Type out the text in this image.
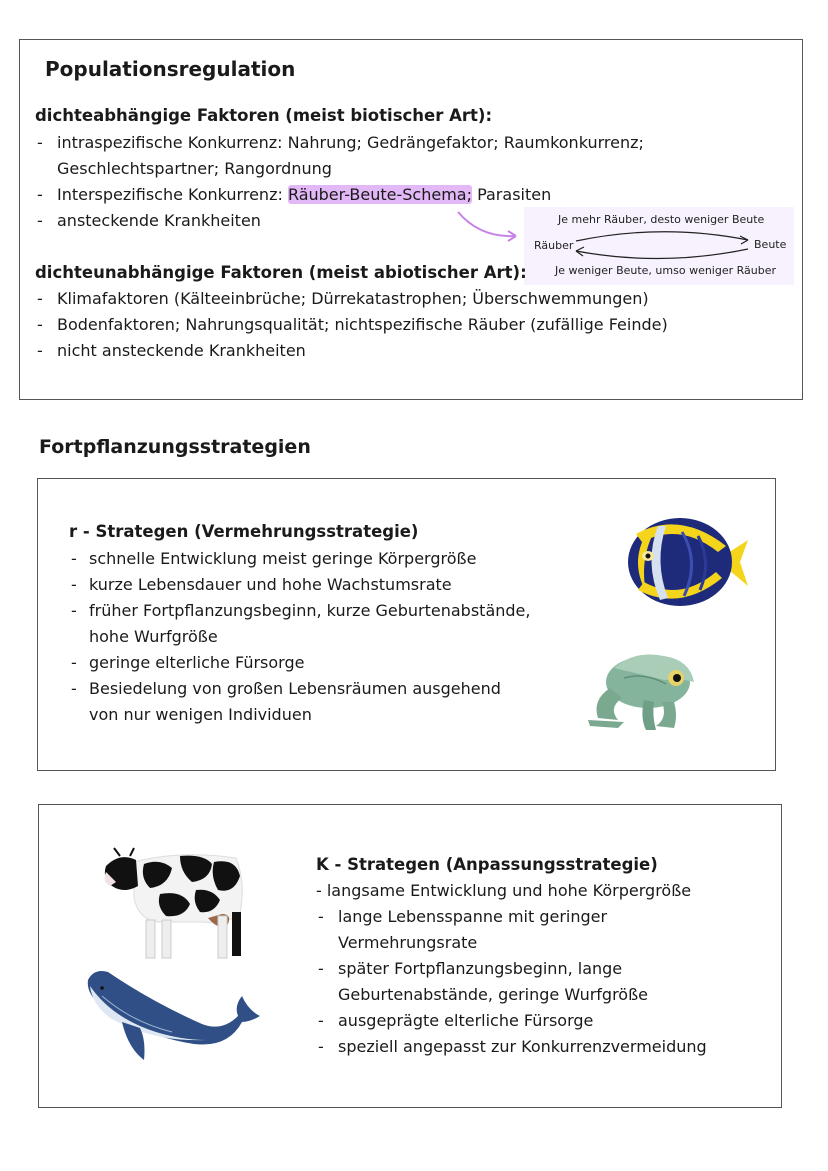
Populationsregulation
dichteabhängige Faktoren (meist biotischer Art):
- intraspezifische Konkurrenz: Nahrung; Gedrängefaktor; Raumkonkurrenz;
Geschlechtspartner; Rangordnung
- Interspezifische Konkurrenz: Räuber-Beute-Schema; Parasiten
- ansteckende Krankheiten	Je mehr Räuber, desto weniger Beute
Räuber	Beute
Je weniger Beute, umso weniger Räuber
dichteunabhängige Faktoren (meist abiotischer Art):
- Klimafaktoren (Kälteeinbrüche; Dürrekatastrophen; Überschwemmungen)
- Bodenfaktoren; Nahrungsqualität; nichtspezifische Räuber (zufällige Feinde)
- nicht ansteckende Krankheiten
Fortpflanzungsstrategien
r - Strategen (Vermehrungsstrategie)
- schnelle Entwicklung meist geringe Körpergröße
- kurze Lebensdauer und hohe Wachstumsrate
- früher Fortpflanzungsbeginn, kurze Geburtenabstände,
hohe Wurfgröße
- geringe elterliche Fürsorge
- Besiedelung von großen Lebensräumen ausgehend
von nur wenigen Individuen
K - Strategen (Anpassungsstrategie)
- langsame Entwicklung und hohe Körpergröße
- lange Lebensspanne mit geringer
Vermehrungsrate
- später Fortpflanzungsbeginn, lange
Geburtenabstände, geringe Wurfgröße
- ausgeprägte elterliche Fürsorge
- speziell angepasst zur Konkurrenzvermeidung
